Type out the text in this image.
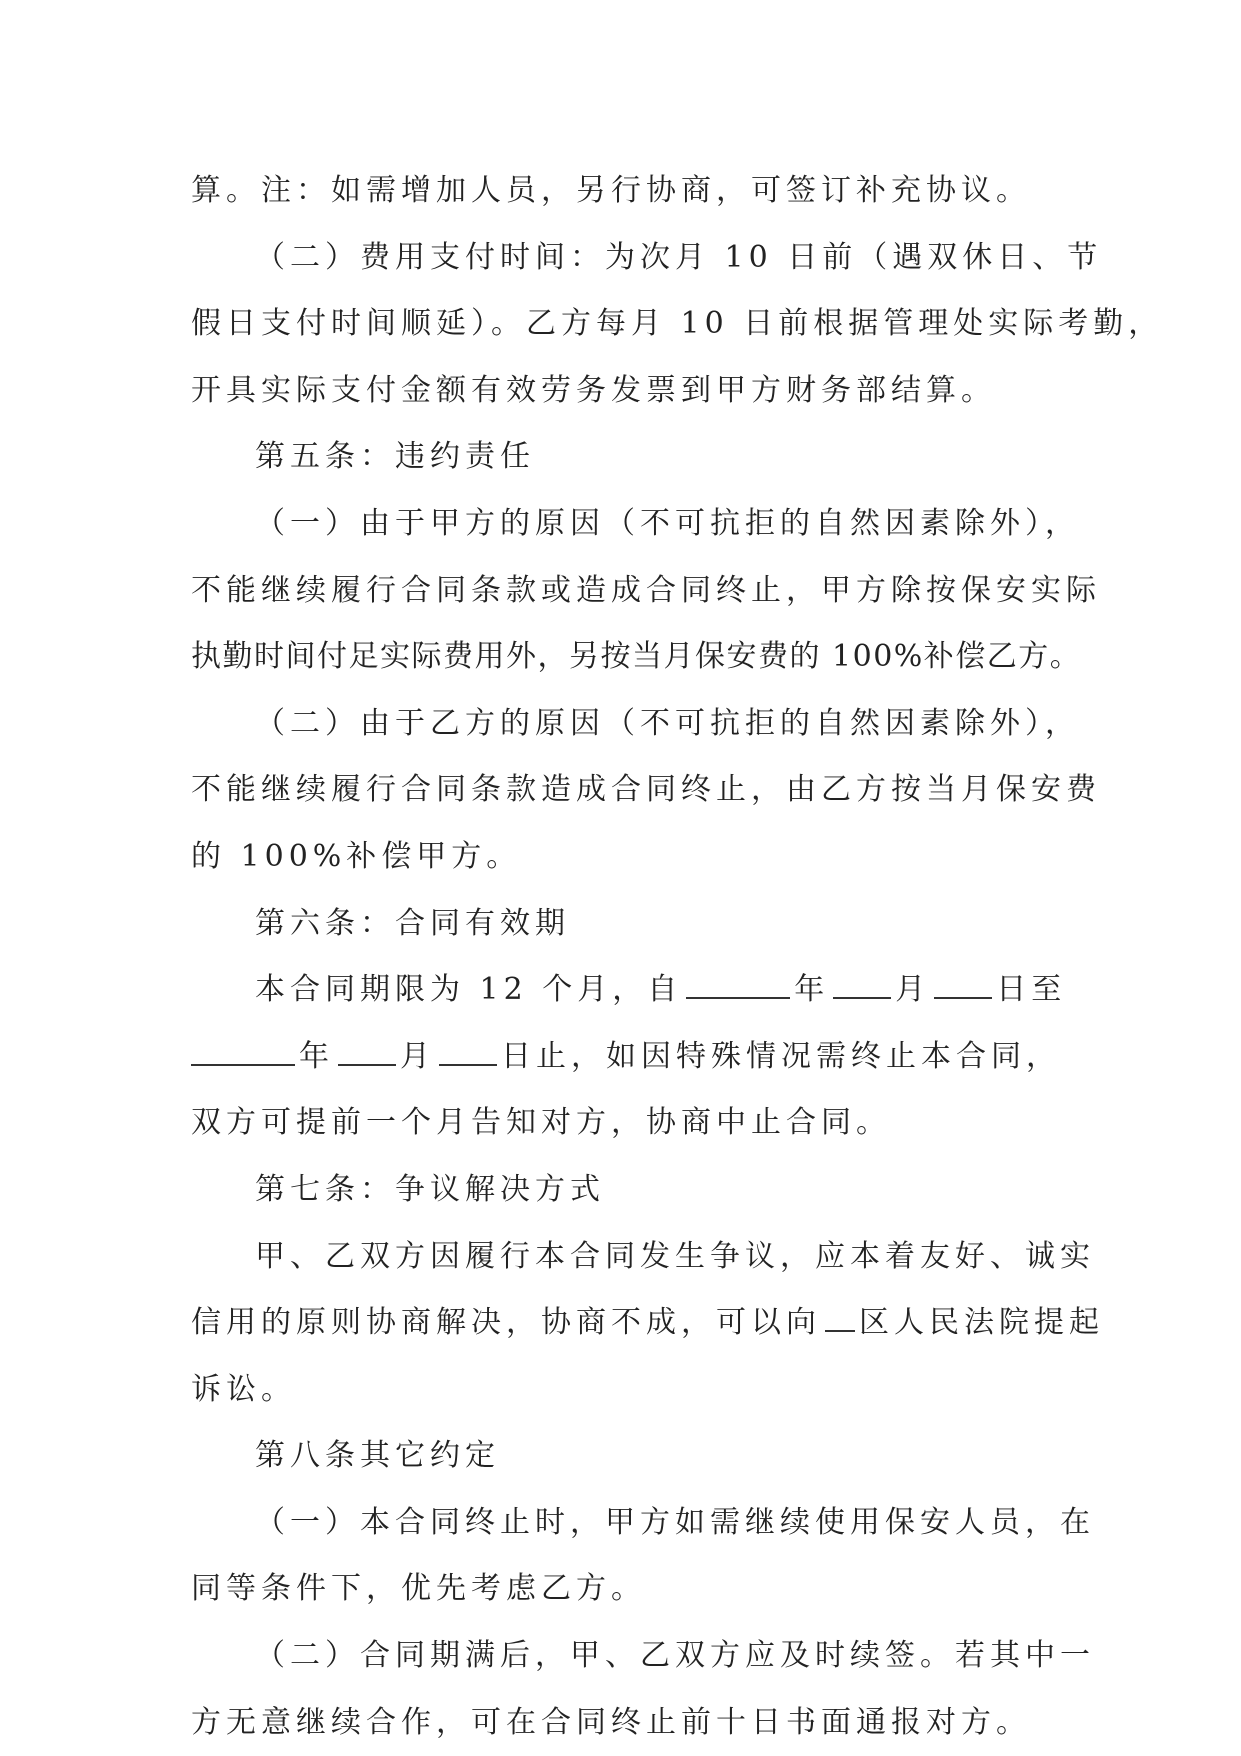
算。注：如需增加人员，另行协商，可签订补充协议。

（二）费用支付时间：为次月 10 日前（遇双休日、节

假日支付时间顺延）。乙方每月 10 日前根据管理处实际考勤，

开具实际支付金额有效劳务发票到甲方财务部结算。

第五条：违约责任

（一）由于甲方的原因（不可抗拒的自然因素除外），

不能继续履行合同条款或造成合同终止，甲方除按保安实际

执勤时间付足实际费用外，另按当月保安费的 100%补偿乙方。

（二）由于乙方的原因（不可抗拒的自然因素除外），

不能继续履行合同条款造成合同终止，由乙方按当月保安费

的 100%补偿甲方。

第六条：合同有效期

本合同期限为 12 个月，自	年 月 日至

年 月 日止，如因特殊情况需终止本合同，

双方可提前一个月告知对方，协商中止合同。

第七条：争议解决方式

甲、乙双方因履行本合同发生争议，应本着友好、诚实

信用的原则协商解决，协商不成，可以向 区人民法院提起

诉讼。

第八条其它约定

（一）本合同终止时，甲方如需继续使用保安人员，在

同等条件下，优先考虑乙方。

（二）合同期满后，甲、乙双方应及时续签。若其中一

方无意继续合作，可在合同终止前十日书面通报对方。
